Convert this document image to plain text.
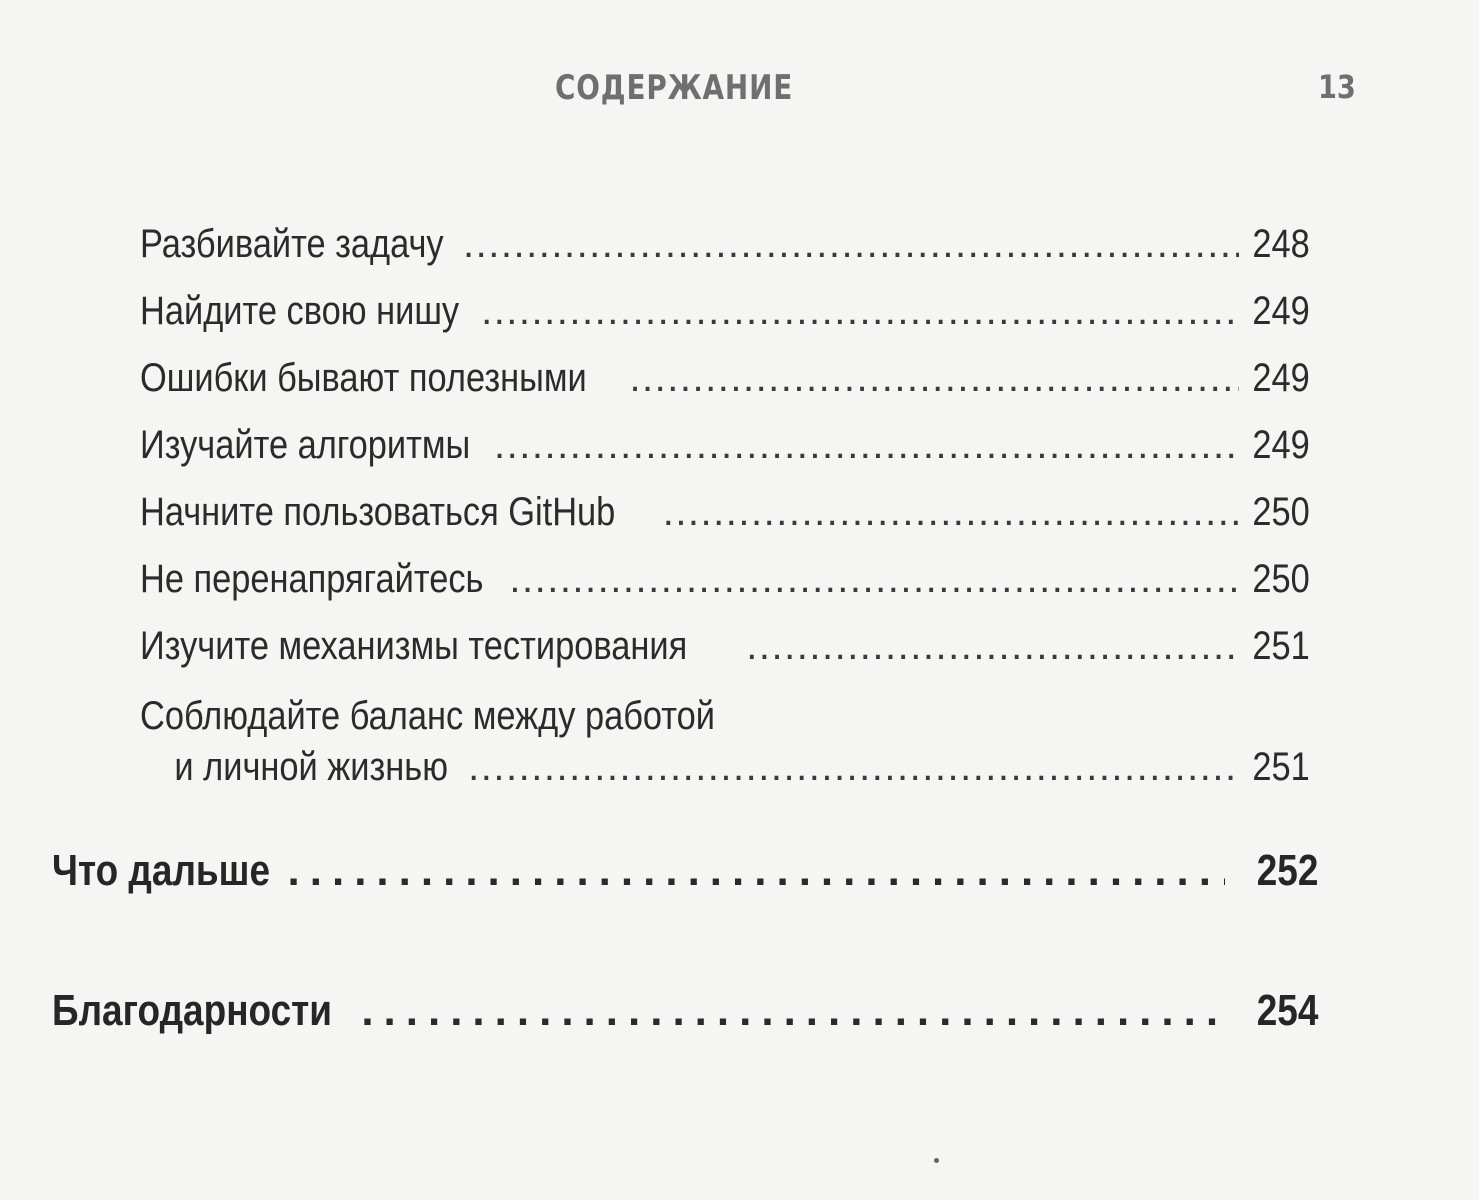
СОДЕРЖАНИЕ	13
Разбивайте задачу .....	248
Найдите свою нишу .....	249
Ошибки бывают полезными .....	249
Изучайте алгоритмы .....	249
Начните пользоваться GitHub .....	250
Не перенапрягайтесь .....	250
Изучите механизмы тестирования .....	251
Соблюдайте баланс между работой
и личной жизнью .....	251
Что дальше .....	252
Благодарности .....	254
